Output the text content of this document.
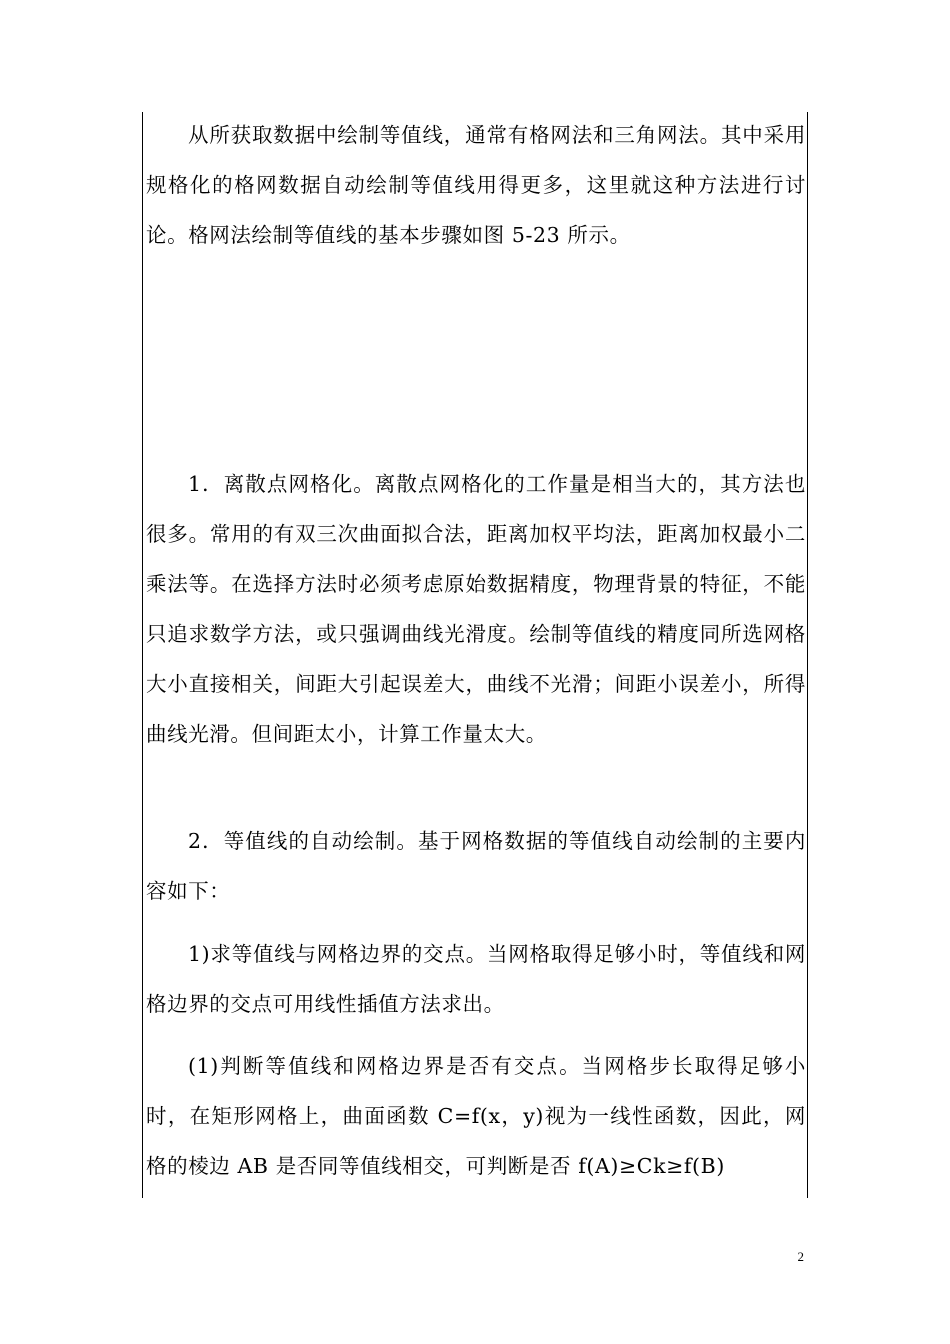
从所获取数据中绘制等值线，通常有格网法和三角网法。其中采用规格化的格网数据自动绘制等值线用得更多，这里就这种方法进行讨论。格网法绘制等值线的基本步骤如图 5-23 所示。

1．离散点网格化。离散点网格化的工作量是相当大的，其方法也很多。常用的有双三次曲面拟合法，距离加权平均法，距离加权最小二乘法等。在选择方法时必须考虑原始数据精度，物理背景的特征，不能只追求数学方法，或只强调曲线光滑度。绘制等值线的精度同所选网格大小直接相关，间距大引起误差大，曲线不光滑；间距小误差小，所得曲线光滑。但间距太小，计算工作量太大。

2．等值线的自动绘制。基于网格数据的等值线自动绘制的主要内容如下：

1)求等值线与网格边界的交点。当网格取得足够小时，等值线和网格边界的交点可用线性插值方法求出。

(1)判断等值线和网格边界是否有交点。当网格步长取得足够小时，在矩形网格上，曲面函数 C=f(x，y)视为一线性函数，因此，网格的棱边 AB 是否同等值线相交，可判断是否 f(A)≥Ck≥f(B)

2
